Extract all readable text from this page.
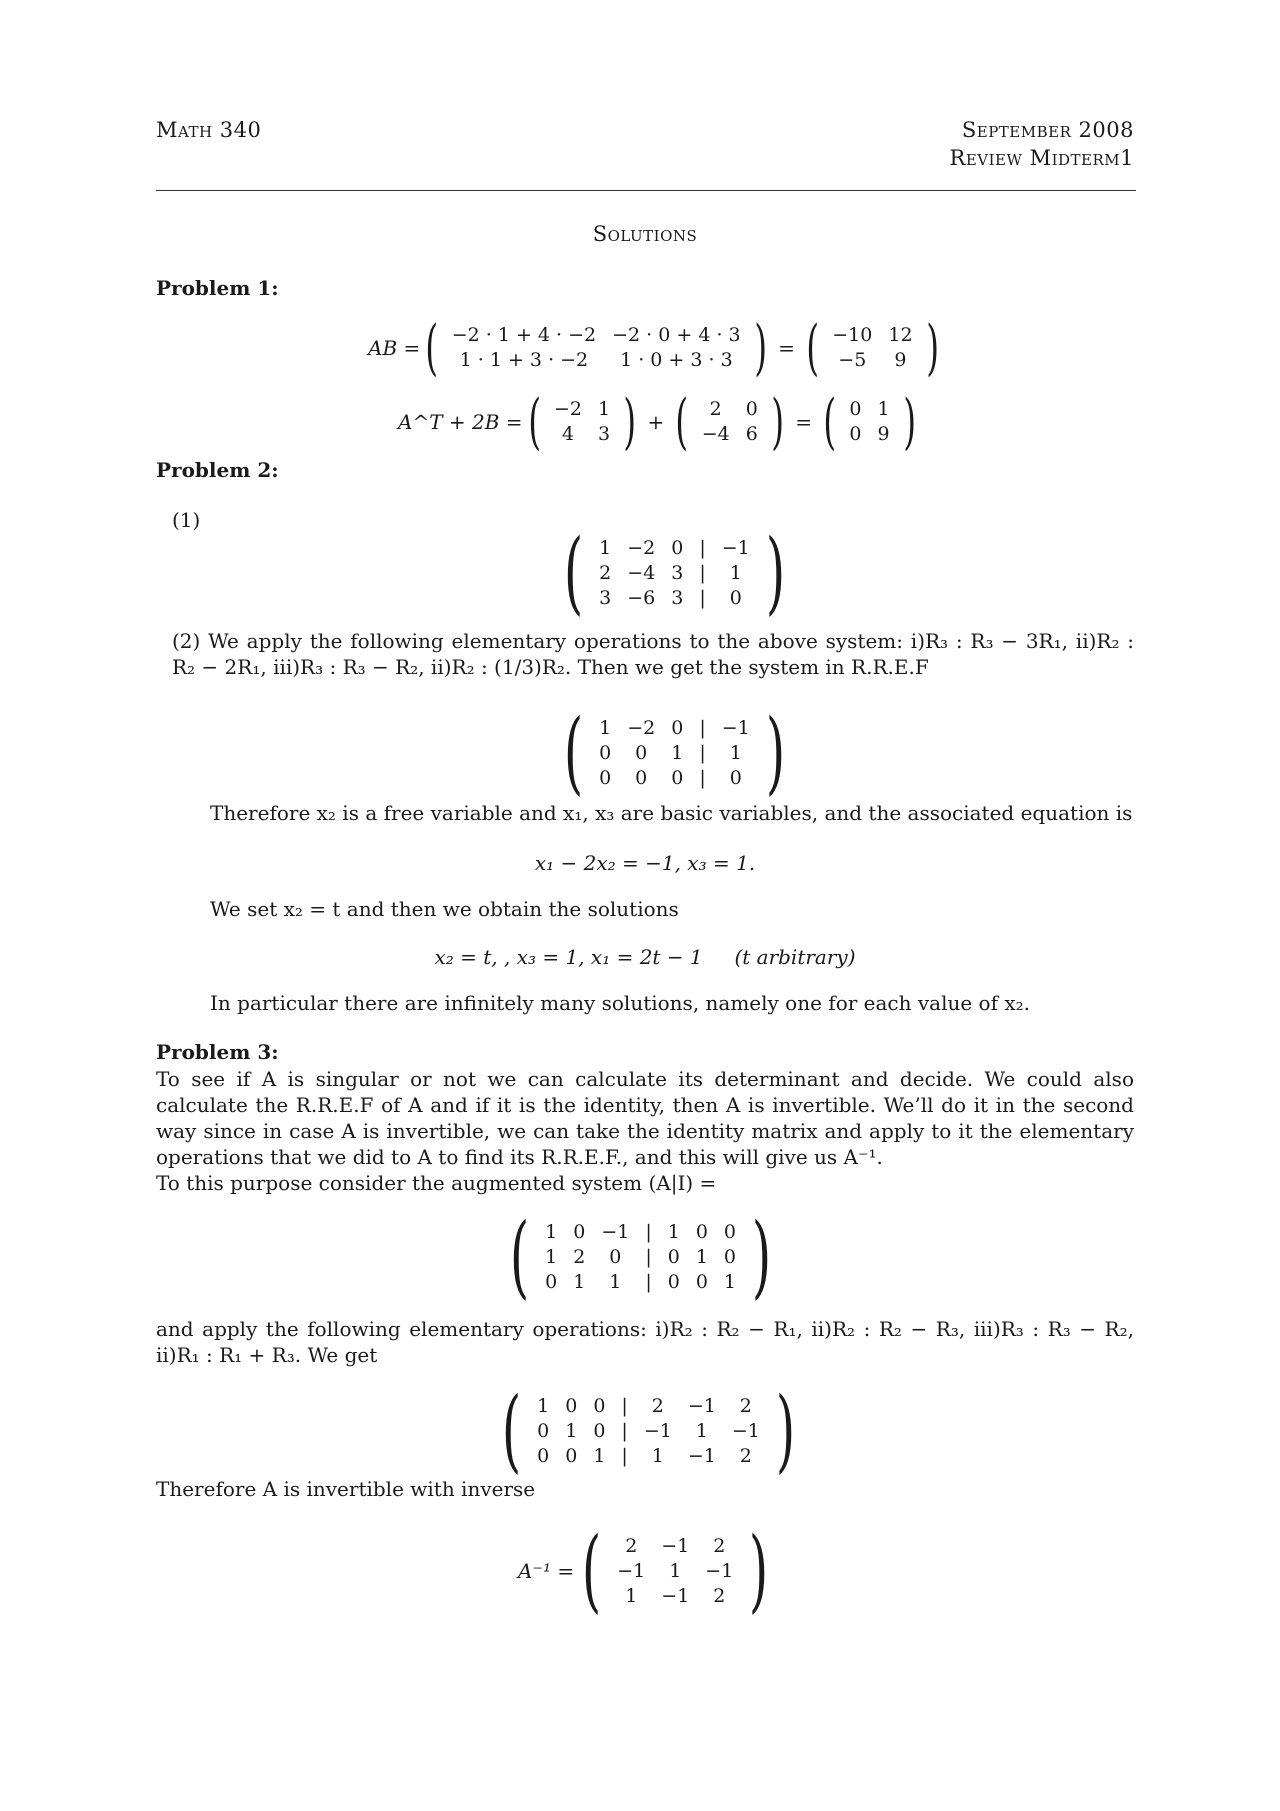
Math 340	September 2008
Review Midterm1
Solutions
Problem 1:
AB = ( −2 · 1 + 4 · −2	−2 · 0 + 4 · 3
1 · 1 + 3 · −2	1 · 0 + 3 · 3 ) = ( −10	12
−5	9 )
A^T + 2B = ( −2	1
4	3 ) + ( 2	0
−4	6 ) = ( 0	1
0	9 )
Problem 2:
(1)	( 1	−2	0	|	−1
2	−4	3	|	1
3	−6	3	|	0 )
(2) We apply the following elementary operations to the above system: i)R₃ : R₃ − 3R₁, ii)R₂ : R₂ − 2R₁, iii)R₃ : R₃ − R₂, ii)R₂ : (1/3)R₂. Then we get the system in R.R.E.F
( 1	−2	0	|	−1
0	0	1	|	1
0	0	0	|	0 )
Therefore x₂ is a free variable and x₁, x₃ are basic variables, and the associated equation is
x₁ − 2x₂ = −1, x₃ = 1.
We set x₂ = t and then we obtain the solutions
x₂ = t, , x₃ = 1, x₁ = 2t − 1     (t arbitrary)
In particular there are infinitely many solutions, namely one for each value of x₂.
Problem 3:
To see if A is singular or not we can calculate its determinant and decide. We could also calculate the R.R.E.F of A and if it is the identity, then A is invertible. We’ll do it in the second way since in case A is invertible, we can take the identity matrix and apply to it the elementary operations that we did to A to find its R.R.E.F., and this will give us A⁻¹.
To this purpose consider the augmented system (A|I) =
( 1	0	−1	|	1	0	0
1	2	0	|	0	1	0
0	1	1	|	0	0	1 )
and apply the following elementary operations: i)R₂ : R₂ − R₁, ii)R₂ : R₂ − R₃, iii)R₃ : R₃ − R₂, ii)R₁ : R₁ + R₃. We get
( 1	0	0	|	2	−1	2
0	1	0	|	−1	1	−1
0	0	1	|	1	−1	2 )
Therefore A is invertible with inverse
A⁻¹ = ( 2	−1	2
−1	1	−1
1	−1	2 )
